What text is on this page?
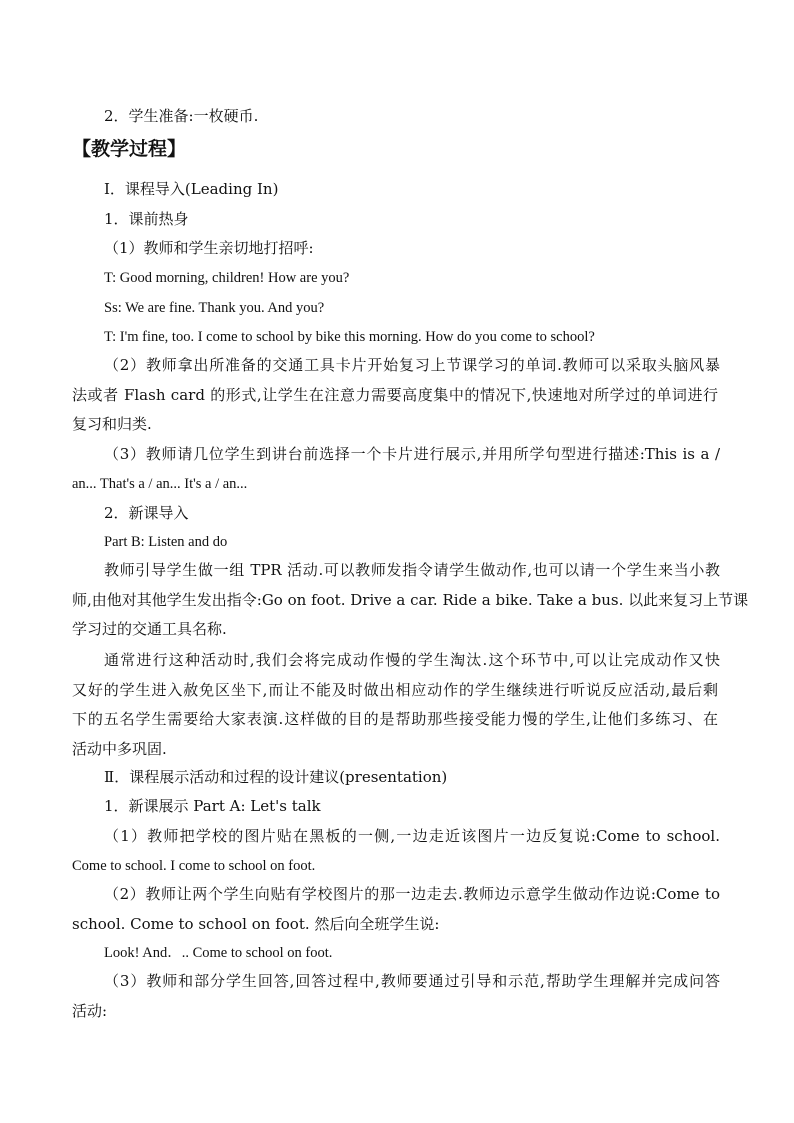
2．学生准备:一枚硬币.

【教学过程】

Ⅰ．课程导入(Leading In)

1．课前热身

（1）教师和学生亲切地打招呼:

T: Good morning, children! How are you?

Ss: We are fine. Thank you. And you?

T: I'm fine, too. I come to school by bike this morning. How do you come to school?

（2）教师拿出所准备的交通工具卡片开始复习上节课学习的单词.教师可以采取头脑风暴

法或者 Flash card 的形式,让学生在注意力需要高度集中的情况下,快速地对所学过的单词进行

复习和归类.

（3）教师请几位学生到讲台前选择一个卡片进行展示,并用所学句型进行描述:This is a /

an... That's a / an... It's a / an...

2．新课导入

Part B: Listen and do

教师引导学生做一组 TPR 活动.可以教师发指令请学生做动作,也可以请一个学生来当小教

师,由他对其他学生发出指令:Go on foot. Drive a car. Ride a bike. Take a bus. 以此来复习上节课

学习过的交通工具名称.

通常进行这种活动时,我们会将完成动作慢的学生淘汰.这个环节中,可以让完成动作又快

又好的学生进入赦免区坐下,而让不能及时做出相应动作的学生继续进行听说反应活动,最后剩

下的五名学生需要给大家表演.这样做的目的是帮助那些接受能力慢的学生,让他们多练习、在

活动中多巩固.

Ⅱ．课程展示活动和过程的设计建议(presentation)

1．新课展示 Part A: Let's talk

（1）教师把学校的图片贴在黑板的一侧,一边走近该图片一边反复说:Come to school.

Come to school. I come to school on foot.

（2）教师让两个学生向贴有学校图片的那一边走去.教师边示意学生做动作边说:Come to

school. Come to school on foot. 然后向全班学生说:

Look! And．.. Come to school on foot.

（3）教师和部分学生回答,回答过程中,教师要通过引导和示范,帮助学生理解并完成问答

活动:
